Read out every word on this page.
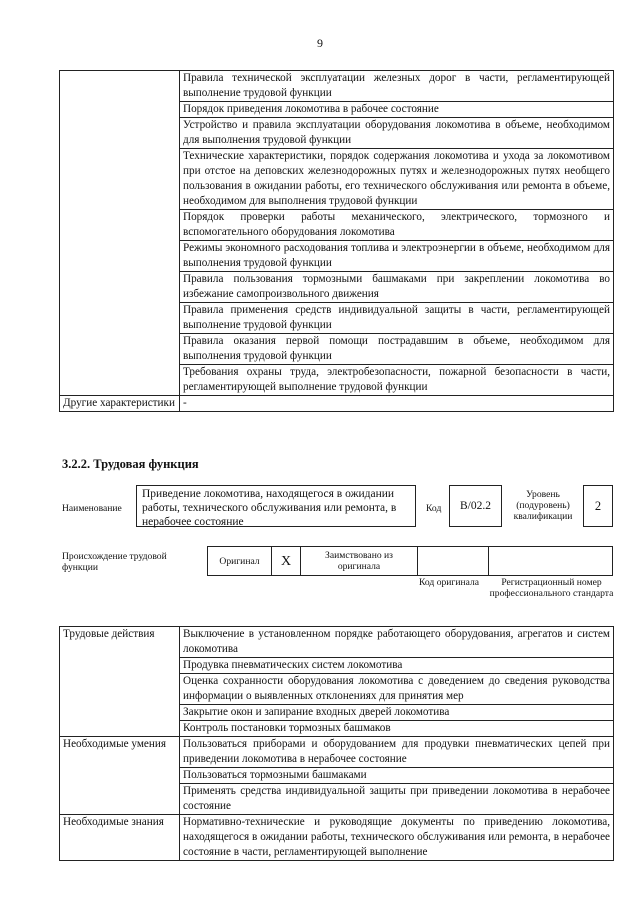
9
	Правила технической эксплуатации железных дорог в части, регламентирующей выполнение трудовой функции
	Порядок приведения локомотива в рабочее состояние
	Устройство и правила эксплуатации оборудования локомотива в объеме, необходимом для выполнения трудовой функции
	Технические характеристики, порядок содержания локомотива и ухода за локомотивом при отстое на деповских железнодорожных путях и железнодорожных путях необщего пользования в ожидании работы, его технического обслуживания или ремонта в объеме, необходимом для выполнения трудовой функции
	Порядок проверки работы механического, электрического, тормозного и вспомогательного оборудования локомотива
	Режимы экономного расходования топлива и электроэнергии в объеме, необходимом для выполнения трудовой функции
	Правила пользования тормозными башмаками при закреплении локомотива во избежание самопроизвольного движения
	Правила применения средств индивидуальной защиты в части, регламентирующей выполнение трудовой функции
	Правила оказания первой помощи пострадавшим в объеме, необходимом для выполнения трудовой функции
	Требования охраны труда, электробезопасности, пожарной безопасности в части, регламентирующей выполнение трудовой функции
Другие характеристики	-
3.2.2. Трудовая функция
Наименование
Приведение локомотива, находящегося в ожидании работы, технического обслуживания или ремонта, в нерабочее состояние
Код	В/02.2
Уровень (подуровень) квалификации
2
Происхождение трудовой функции
Оригинал	X	Заимствовано из оригинала		
Код оригинала	Регистрационный номер профессионального стандарта
Трудовые действия	Выключение в установленном порядке работающего оборудования, агрегатов и систем локомотива
	Продувка пневматических систем локомотива
	Оценка сохранности оборудования локомотива с доведением до сведения руководства информации о выявленных отклонениях для принятия мер
	Закрытие окон и запирание входных дверей локомотива
	Контроль постановки тормозных башмаков
Необходимые умения	Пользоваться приборами и оборудованием для продувки пневматических цепей при приведении локомотива в нерабочее состояние
	Пользоваться тормозными башмаками
	Применять средства индивидуальной защиты при приведении локомотива в нерабочее состояние
Необходимые знания	Нормативно-технические и руководящие документы по приведению локомотива, находящегося в ожидании работы, технического обслуживания или ремонта, в нерабочее состояние в части, регламентирующей выполнение
